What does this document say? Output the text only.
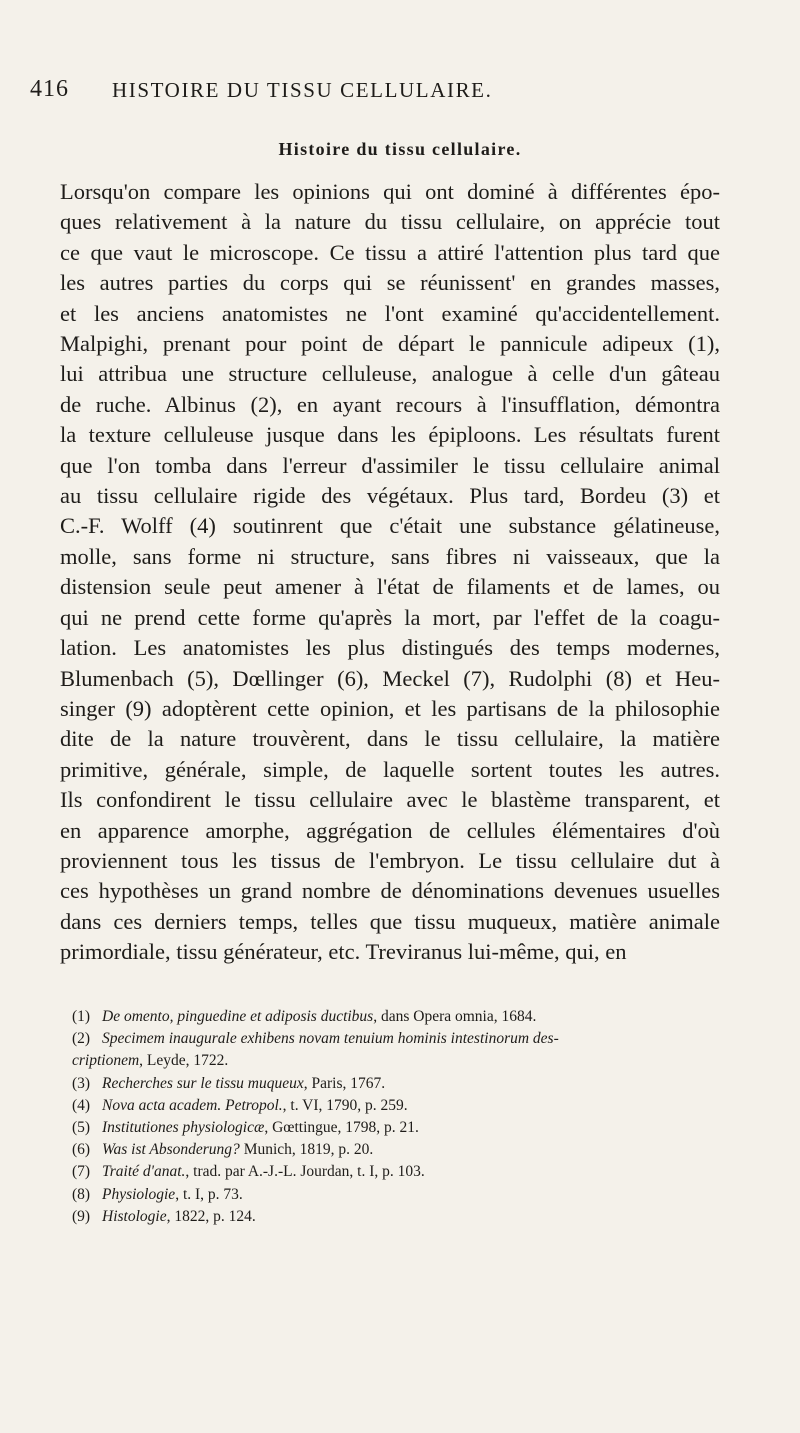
416 HISTOIRE DU TISSU CELLULAIRE.
Histoire du tissu cellulaire.
Lorsqu'on compare les opinions qui ont dominé à différentes épo-
ques relativement à la nature du tissu cellulaire, on apprécie tout
ce que vaut le microscope. Ce tissu a attiré l'attention plus tard que
les autres parties du corps qui se réunissent' en grandes masses,
et les anciens anatomistes ne l'ont examiné qu'accidentellement.
Malpighi, prenant pour point de départ le pannicule adipeux (1),
lui attribua une structure celluleuse, analogue à celle d'un gâteau
de ruche. Albinus (2), en ayant recours à l'insufflation, démontra
la texture celluleuse jusque dans les épiploons. Les résultats furent
que l'on tomba dans l'erreur d'assimiler le tissu cellulaire animal
au tissu cellulaire rigide des végétaux. Plus tard, Bordeu (3) et
C.-F. Wolff (4) soutinrent que c'était une substance gélatineuse,
molle, sans forme ni structure, sans fibres ni vaisseaux, que la
distension seule peut amener à l'état de filaments et de lames, ou
qui ne prend cette forme qu'après la mort, par l'effet de la coagu-
lation. Les anatomistes les plus distingués des temps modernes,
Blumenbach (5), Dœllinger (6), Meckel (7), Rudolphi (8) et Heu-
singer (9) adoptèrent cette opinion, et les partisans de la philosophie
dite de la nature trouvèrent, dans le tissu cellulaire, la matière
primitive, générale, simple, de laquelle sortent toutes les autres.
Ils confondirent le tissu cellulaire avec le blastème transparent, et
en apparence amorphe, aggrégation de cellules élémentaires d'où
proviennent tous les tissus de l'embryon. Le tissu cellulaire dut à
ces hypothèses un grand nombre de dénominations devenues usuelles
dans ces derniers temps, telles que tissu muqueux, matière animale
primordiale, tissu générateur, etc. Treviranus lui-même, qui, en
(1) De omento, pinguedine et adiposis ductibus, dans Opera omnia, 1684.
(2) Specimem inaugurale exhibens novam tenuium hominis intestinorum des-
criptionem, Leyde, 1722.
(3) Recherches sur le tissu muqueux, Paris, 1767.
(4) Nova acta academ. Petropol., t. VI, 1790, p. 259.
(5) Institutiones physiologicæ, Gœttingue, 1798, p. 21.
(6) Was ist Absonderung? Munich, 1819, p. 20.
(7) Traité d'anat., trad. par A.-J.-L. Jourdan, t. I, p. 103.
(8) Physiologie, t. I, p. 73.
(9) Histologie, 1822, p. 124.
